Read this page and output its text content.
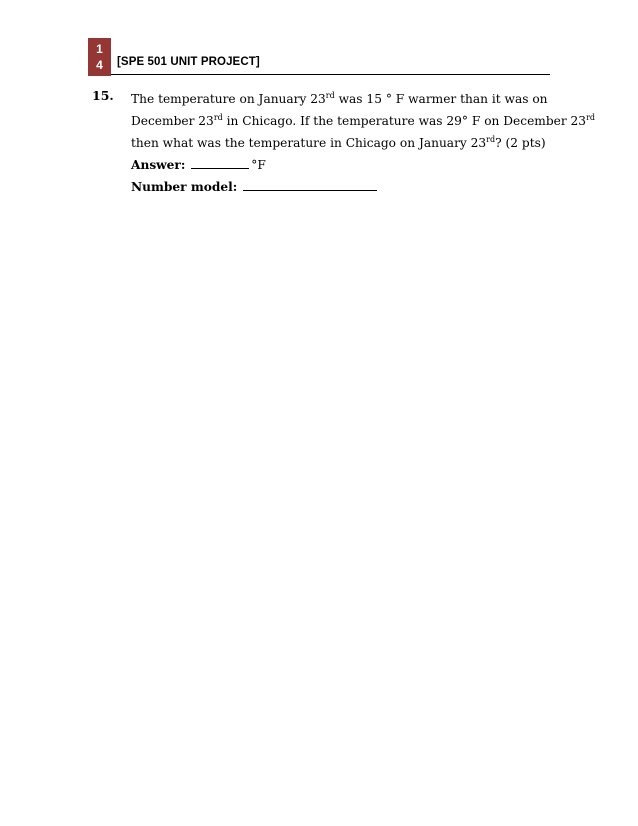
1
4	[SPE 501 UNIT PROJECT]
15. The temperature on January 23rd was 15 ° F warmer than it was on
December 23rd in Chicago. If the temperature was 29° F on December 23rd
then what was the temperature in Chicago on January 23rd? (2 pts)
Answer:	°F
Number model:
